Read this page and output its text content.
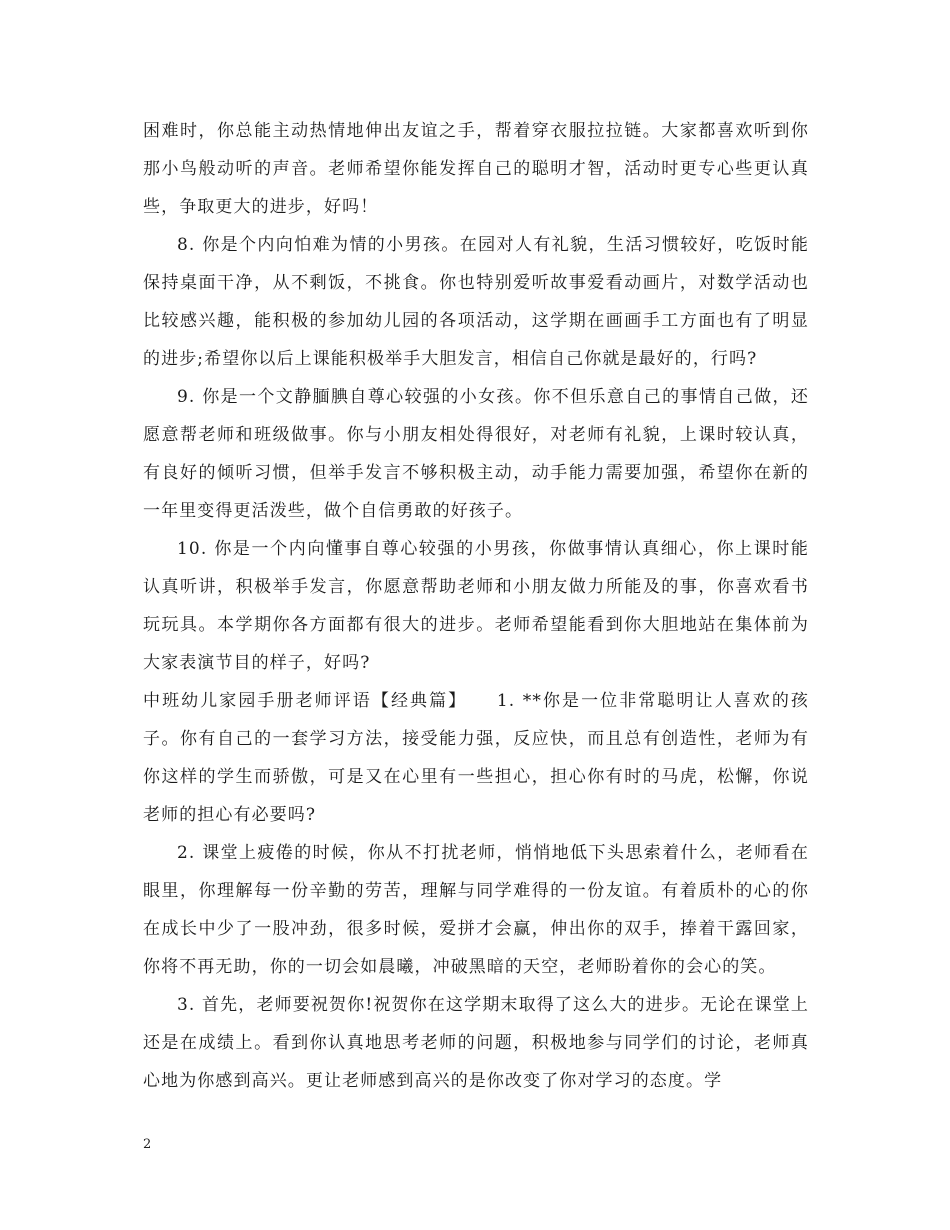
困难时，你总能主动热情地伸出友谊之手，帮着穿衣服拉拉链。大家都喜欢听到你那小鸟般动听的声音。老师希望你能发挥自己的聪明才智，活动时更专心些更认真些，争取更大的进步，好吗！

8. 你是个内向怕难为情的小男孩。在园对人有礼貌，生活习惯较好，吃饭时能保持桌面干净，从不剩饭，不挑食。你也特别爱听故事爱看动画片，对数学活动也比较感兴趣，能积极的参加幼儿园的各项活动，这学期在画画手工方面也有了明显的进步;希望你以后上课能积极举手大胆发言，相信自己你就是最好的，行吗?

9. 你是一个文静腼腆自尊心较强的小女孩。你不但乐意自己的事情自己做，还愿意帮老师和班级做事。你与小朋友相处得很好，对老师有礼貌，上课时较认真，有良好的倾听习惯，但举手发言不够积极主动，动手能力需要加强，希望你在新的一年里变得更活泼些，做个自信勇敢的好孩子。

10. 你是一个内向懂事自尊心较强的小男孩，你做事情认真细心，你上课时能认真听讲，积极举手发言，你愿意帮助老师和小朋友做力所能及的事，你喜欢看书玩玩具。本学期你各方面都有很大的进步。老师希望能看到你大胆地站在集体前为大家表演节目的样子，好吗?

中班幼儿家园手册老师评语【经典篇】　　1. **你是一位非常聪明让人喜欢的孩子。你有自己的一套学习方法，接受能力强，反应快，而且总有创造性，老师为有你这样的学生而骄傲，可是又在心里有一些担心，担心你有时的马虎，松懈，你说老师的担心有必要吗?

2. 课堂上疲倦的时候，你从不打扰老师，悄悄地低下头思索着什么，老师看在眼里，你理解每一份辛勤的劳苦，理解与同学难得的一份友谊。有着质朴的心的你在成长中少了一股冲劲，很多时候，爱拼才会赢，伸出你的双手，捧着干露回家，你将不再无助，你的一切会如晨曦，冲破黑暗的天空，老师盼着你的会心的笑。

3. 首先，老师要祝贺你!祝贺你在这学期末取得了这么大的进步。无论在课堂上还是在成绩上。看到你认真地思考老师的问题，积极地参与同学们的讨论，老师真心地为你感到高兴。更让老师感到高兴的是你改变了你对学习的态度。学

2
